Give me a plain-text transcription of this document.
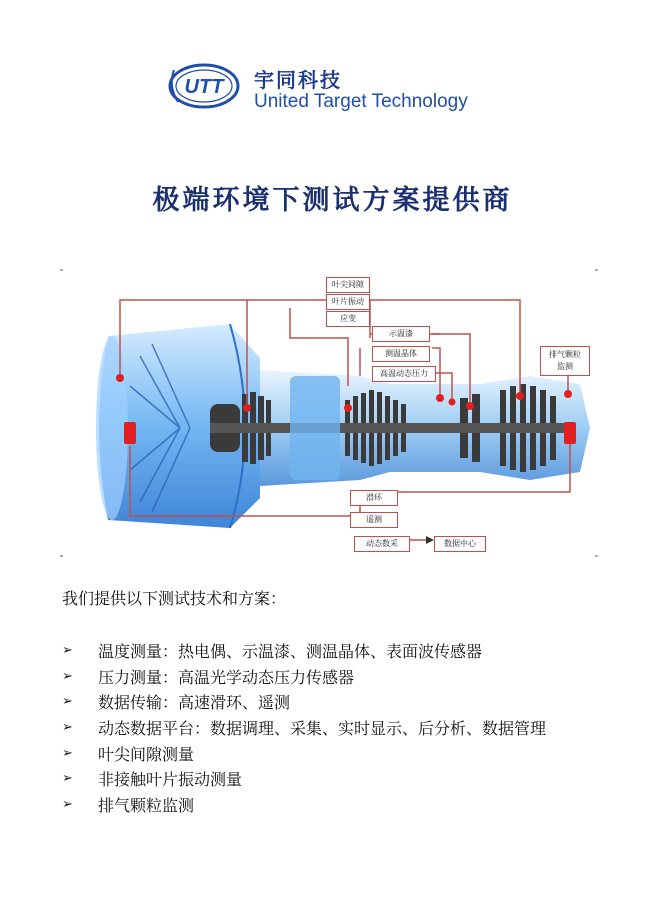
UTT 宇同科技
United Target Technology
极端环境下测试方案提供商
叶尖间隙
叶片振动
应变
示温漆
测温晶体
高温动态压力
排气颗粒
监测
滑环
遥测
动态数采	数据中心
我们提供以下测试技术和方案：
➢	温度测量：热电偶、示温漆、测温晶体、表面波传感器
➢	压力测量：高温光学动态压力传感器
➢	数据传输：高速滑环、遥测
➢	动态数据平台：数据调理、采集、实时显示、后分析、数据管理
➢	叶尖间隙测量
➢	非接触叶片振动测量
➢	排气颗粒监测
